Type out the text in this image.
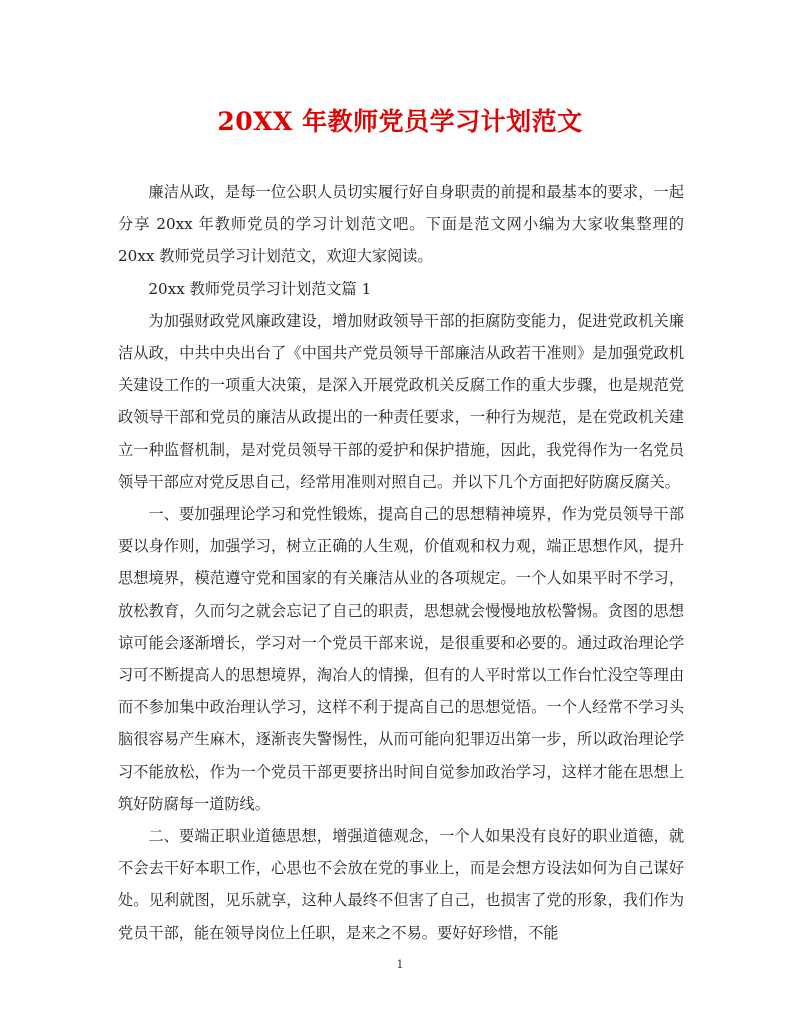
20XX 年教师党员学习计划范文

廉洁从政，是每一位公职人员切实履行好自身职责的前提和最基本的要求，一起分享 20xx 年教师党员的学习计划范文吧。下面是范文网小编为大家收集整理的 20xx 教师党员学习计划范文，欢迎大家阅读。

20xx 教师党员学习计划范文篇 1

为加强财政党风廉政建设，增加财政领导干部的拒腐防变能力，促进党政机关廉洁从政，中共中央出台了《中国共产党员领导干部廉洁从政若干准则》是加强党政机关建设工作的一项重大决策，是深入开展党政机关反腐工作的重大步骤，也是规范党政领导干部和党员的廉洁从政提出的一种责任要求，一种行为规范，是在党政机关建立一种监督机制，是对党员领导干部的爱护和保护措施，因此，我党得作为一名党员领导干部应对党反思自己，经常用准则对照自己。并以下几个方面把好防腐反腐关。

一、要加强理论学习和党性锻炼，提高自己的思想精神境界，作为党员领导干部要以身作则，加强学习，树立正确的人生观，价值观和权力观，端正思想作风，提升思想境界，模范遵守党和国家的有关廉洁从业的各项规定。一个人如果平时不学习，放松教育，久而匀之就会忘记了自己的职责，思想就会慢慢地放松警惕。贪图的思想谅可能会逐渐增长，学习对一个党员干部来说，是很重要和必要的。通过政治理论学习可不断提高人的思想境界，淘冶人的情操，但有的人平时常以工作台忙没空等理由而不参加集中政治理认学习，这样不利于提高自己的思想觉悟。一个人经常不学习头脑很容易产生麻木，逐渐丧失警惕性，从而可能向犯罪迈出第一步，所以政治理论学习不能放松，作为一个党员干部更要挤出时间自觉参加政治学习，这样才能在思想上筑好防腐每一道防线。

二、要端正职业道德思想，增强道德观念，一个人如果没有良好的职业道德，就不会去干好本职工作，心思也不会放在党的事业上，而是会想方设法如何为自己谋好处。见利就图，见乐就享，这种人最终不但害了自己，也损害了党的形象，我们作为党员干部，能在领导岗位上任职，是来之不易。要好好珍惜，不能

1
